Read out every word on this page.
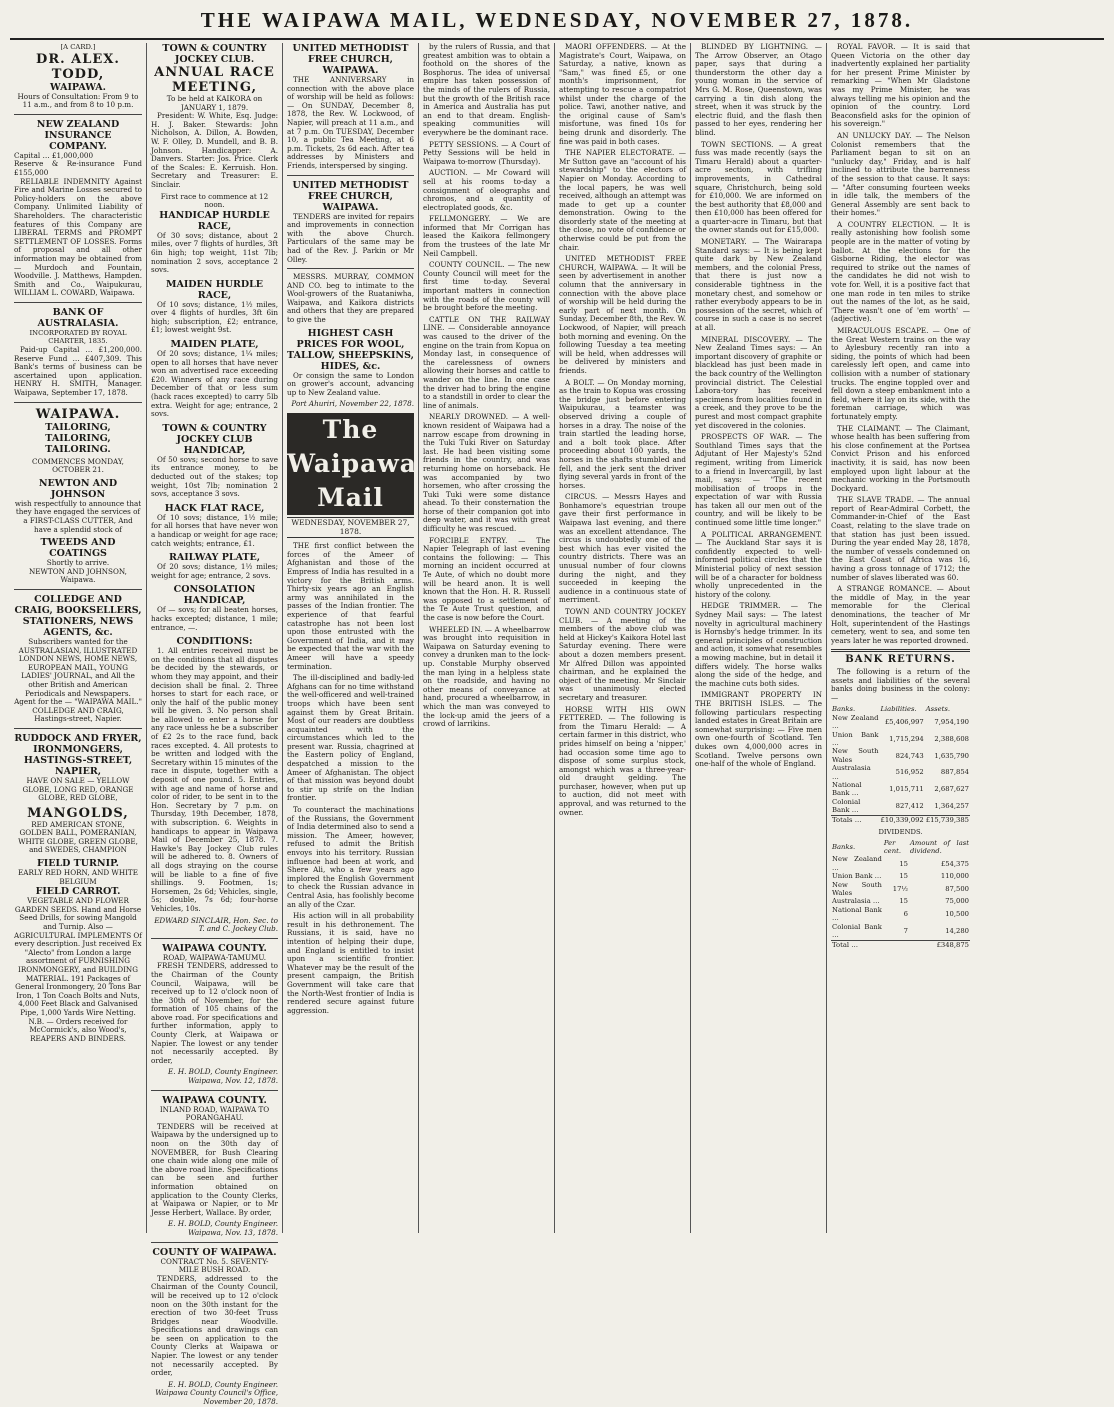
THE WAIPAWA MAIL, WEDNESDAY, NOVEMBER 27, 1878.
[A CARD.]
DR. ALEX. TODD,
WAIPAWA.

Hours of Consultation: From 9 to 11 a.m., and from 8 to 10 p.m.

NEW ZEALAND INSURANCE COMPANY.
Capital … £1,000,000
Reserve & Re-insurance Fund £155,000

RELIABLE INDEMNITY Against Fire and Marine Losses secured to Policy-holders on the above Company. Unlimited Liability of Shareholders. The characteristic features of this Company are LIBERAL TERMS and PROMPT SETTLEMENT OF LOSSES. Forms of proposal and all other information may be obtained from — Murdoch and Fountain, Woodville. J. Matthews, Hampden. Smith and Co., Waipukurau, WILLIAM L. COWARD, Waipawa.

BANK OF AUSTRALASIA.
INCORPORATED BY ROYAL CHARTER, 1835.

Paid-up Capital … £1,200,000. Reserve Fund … £407,309. This Bank's terms of business can be ascertained upon application. HENRY H. SMITH, Manager. Waipawa, September 17, 1878.

WAIPAWA.
TAILORING,
TAILORING,
TAILORING.
COMMENCES MONDAY, OCTOBER 21.
NEWTON AND JOHNSON

wish respectfully to announce that they have engaged the services of a FIRST-CLASS CUTTER, And have a splendid stock of

TWEEDS AND COATINGS
Shortly to arrive.
NEWTON AND JOHNSON, Waipawa.
COLLEDGE AND CRAIG, BOOKSELLERS, STATIONERS, NEWS AGENTS, &c.

Subscribers wanted for the AUSTRALASIAN, ILLUSTRATED LONDON NEWS, HOME NEWS, EUROPEAN MAIL, YOUNG LADIES' JOURNAL, and All the other British and American Periodicals and Newspapers. Agent for the — "WAIPAWA MAIL." COLLEDGE AND CRAIG, Hastings-street, Napier.

RUDDOCK AND FRYER, IRONMONGERS, HASTINGS-STREET, NAPIER,

HAVE ON SALE — YELLOW GLOBE, LONG RED, ORANGE GLOBE, RED GLOBE,

MANGOLDS,

RED AMERICAN STONE, GOLDEN BALL, POMERANIAN, WHITE GLOBE, GREEN GLOBE, and SWEDES, CHAMPION

FIELD TURNIP.
EARLY RED HORN, AND WHITE BELGIUM
FIELD CARROT.

VEGETABLE AND FLOWER GARDEN SEEDS. Hand and Horse Seed Drills, for sowing Mangold and Turnip. Also — AGRICULTURAL IMPLEMENTS Of every description. Just received Ex "Alecto" from London a large assortment of FURNISHING IRONMONGERY, and BUILDING MATERIAL. 191 Packages of General Ironmongery, 20 Tons Bar Iron, 1 Ton Coach Bolts and Nuts, 4,000 Feet Black and Galvanised Pipe, 1,000 Yards Wire Netting. N.B. — Orders received for McCormick's, also Wood's, REAPERS AND BINDERS.

TOWN & COUNTRY JOCKEY CLUB.
ANNUAL RACE MEETING,
To be held at KAIKORA on JANUARY 1, 1879.

President: W. White, Esq. Judge: H. J. Baker. Stewards: John Nicholson, A. Dillon, A. Bowden, W. F. Olley, D. Mundell, and B. B. Johnson. Handicapper: A. Danvers. Starter: Jos. Price. Clerk of the Scales: E. Kerruish. Hon. Secretary and Treasurer: E. Sinclair.

First race to commence at 12 noon.
HANDICAP HURDLE RACE,

Of 30 sovs; distance, about 2 miles, over 7 flights of hurdles, 3ft 6in high; top weight, 11st 7lb; nomination 2 sovs, acceptance 2 sovs.

MAIDEN HURDLE RACE,

Of 10 sovs; distance, 1½ miles, over 4 flights of hurdles, 3ft 6in high; subscription, £2; entrance, £1; lowest weight 9st.

MAIDEN PLATE,

Of 20 sovs; distance, 1¼ miles; open to all horses that have never won an advertised race exceeding £20. Winners of any race during December of that or less sum (hack races excepted) to carry 5lb extra. Weight for age; entrance, 2 sovs.

TOWN & COUNTRY JOCKEY CLUB HANDICAP,

Of 50 sovs; second horse to save its entrance money, to be deducted out of the stakes; top weight, 10st 7lb; nomination 2 sovs, acceptance 3 sovs.

HACK FLAT RACE,

Of 10 sovs; distance, 1½ mile; for all horses that have never won a handicap or weight for age race; catch weights; entrance, £1.

RAILWAY PLATE,

Of 20 sovs; distance, 1½ miles; weight for age; entrance, 2 sovs.

CONSOLATION HANDICAP,

Of — sovs; for all beaten horses, hacks excepted; distance, 1 mile; entrance, —.

CONDITIONS:

1. All entries received must be on the conditions that all disputes be decided by the stewards, or whom they may appoint, and their decision shall be final. 2. Three horses to start for each race, or only the half of the public money will be given. 3. No person shall be allowed to enter a horse for any race unless he be a subscriber of £2 2s to the race fund, back races excepted. 4. All protests to be written and lodged with the Secretary within 15 minutes of the race in dispute, together with a deposit of one pound. 5. Entries, with age and name of horse and color of rider, to be sent in to the Hon. Secretary by 7 p.m. on Thursday, 19th December, 1878, with subscription. 6. Weights in handicaps to appear in Waipawa Mail of December 25, 1878. 7. Hawke's Bay Jockey Club rules will be adhered to. 8. Owners of all dogs straying on the course will be liable to a fine of five shillings. 9. Footmen, 1s; Horsemen, 2s 6d; Vehicles, single, 5s; double, 7s 6d; four-horse Vehicles, 10s.

EDWARD SINCLAIR, Hon. Sec. to T. and C. Jockey Club.
WAIPAWA COUNTY.
ROAD, WAIPAWA-TAMUMU.

FRESH TENDERS, addressed to the Chairman of the County Council, Waipawa, will be received up to 12 o'clock noon of the 30th of November, for the formation of 105 chains of the above road. For specifications and further information, apply to County Clerk, at Waipawa or Napier. The lowest or any tender not necessarily accepted. By order,

E. H. BOLD, County Engineer. Waipawa, Nov. 12, 1878.
WAIPAWA COUNTY.
INLAND ROAD, WAIPAWA TO PORANGAHAU.

TENDERS will be received at Waipawa by the undersigned up to noon on the 30th day of NOVEMBER, for Bush Clearing one chain wide along one mile of the above road line. Specifications can be seen and further information obtained on application to the County Clerks, at Waipawa or Napier, or to Mr Jesse Herbert, Wallace. By order,

E. H. BOLD, County Engineer. Waipawa, Nov. 13, 1878.
COUNTY OF WAIPAWA.
CONTRACT No. 5. SEVENTY-MILE BUSH ROAD.

TENDERS, addressed to the Chairman of the County Council, will be received up to 12 o'clock noon on the 30th instant for the erection of two 30-feet Truss Bridges near Woodville. Specifications and drawings can be seen on application to the County Clerks at Waipawa or Napier. The lowest or any tender not necessarily accepted. By order,

E. H. BOLD, County Engineer. Waipawa County Council's Office, November 20, 1878.
UNITED METHODIST FREE CHURCH, WAIPAWA.

THE ANNIVERSARY in connection with the above place of worship will be held as follows: — On SUNDAY, December 8, 1878, the Rev. W. Lockwood, of Napier, will preach at 11 a.m., and at 7 p.m. On TUESDAY, December 10, a public Tea Meeting, at 6 p.m. Tickets, 2s 6d each. After tea addresses by Ministers and Friends, interspersed by singing.

UNITED METHODIST FREE CHURCH, WAIPAWA.

TENDERS are invited for repairs and improvements in connection with the above Church. Particulars of the same may be had of the Rev. J. Parkin or Mr Olley.

MESSRS. MURRAY, COMMON AND CO. beg to intimate to the Wool-growers of the Ruataniwha, Waipawa, and Kaikora districts and others that they are prepared to give the

HIGHEST CASH PRICES FOR WOOL, TALLOW, SHEEPSKINS, HIDES, &c.

Or consign the same to London on grower's account, advancing up to New Zealand value.

Port Ahuriri, November 22, 1878.
The Waipawa Mail
WEDNESDAY, NOVEMBER 27, 1878.

THE first conflict between the forces of the Ameer of Afghanistan and those of the Empress of India has resulted in a victory for the British arms. Thirty-six years ago an English army was annihilated in the passes of the Indian frontier. The experience of that fearful catastrophe has not been lost upon those entrusted with the Government of India, and it may be expected that the war with the Ameer will have a speedy termination.

The ill-disciplined and badly-led Afghans can for no time withstand the well-officered and well-trained troops which have been sent against them by Great Britain. Most of our readers are doubtless acquainted with the circumstances which led to the present war. Russia, chagrined at the Eastern policy of England, despatched a mission to the Ameer of Afghanistan. The object of that mission was beyond doubt to stir up strife on the Indian frontier.

To counteract the machinations of the Russians, the Government of India determined also to send a mission. The Ameer, however, refused to admit the British envoys into his territory. Russian influence had been at work, and Shere Ali, who a few years ago implored the English Government to check the Russian advance in Central Asia, has foolishly become an ally of the Czar.

His action will in all probability result in his dethronement. The Russians, it is said, have no intention of helping their dupe, and England is entitled to insist upon a scientific frontier. Whatever may be the result of the present campaign, the British Government will take care that the North-West frontier of India is rendered secure against future aggression.

by the rulers of Russia, and that greatest ambition was to obtain a foothold on the shores of the Bosphorus. The idea of universal empire has taken possession of the minds of the rulers of Russia, but the growth of the British race in America and Australia has put an end to that dream. English-speaking communities will everywhere be the dominant race.

PETTY SESSIONS. — A Court of Petty Sessions will be held in Waipawa to-morrow (Thursday).

AUCTION. — Mr Coward will sell at his rooms to-day a consignment of oleographs and chromos, and a quantity of electroplated goods, &c.

FELLMONGERY. — We are informed that Mr Corrigan has leased the Kaikora fellmongery from the trustees of the late Mr Neil Campbell.

COUNTY COUNCIL. — The new County Council will meet for the first time to-day. Several important matters in connection with the roads of the county will be brought before the meeting.

CATTLE ON THE RAILWAY LINE. — Considerable annoyance was caused to the driver of the engine on the train from Kopua on Monday last, in consequence of the carelessness of owners allowing their horses and cattle to wander on the line. In one case the driver had to bring the engine to a standstill in order to clear the line of animals.

NEARLY DROWNED. — A well-known resident of Waipawa had a narrow escape from drowning in the Tuki Tuki River on Saturday last. He had been visiting some friends in the country, and was returning home on horseback. He was accompanied by two horsemen, who after crossing the Tuki Tuki were some distance ahead. To their consternation the horse of their companion got into deep water, and it was with great difficulty he was rescued.

FORCIBLE ENTRY. — The Napier Telegraph of last evening contains the following: — This morning an incident occurred at Te Aute, of which no doubt more will be heard anon. It is well known that the Hon. H. R. Russell was opposed to a settlement of the Te Aute Trust question, and the case is now before the Court.

WHEELED IN. — A wheelbarrow was brought into requisition in Waipawa on Saturday evening to convey a drunken man to the lock-up. Constable Murphy observed the man lying in a helpless state on the roadside, and having no other means of conveyance at hand, procured a wheelbarrow, in which the man was conveyed to the lock-up amid the jeers of a crowd of larrikins.

MAORI OFFENDERS. — At the Magistrate's Court, Waipawa, on Saturday, a native, known as "Sam," was fined £5, or one month's imprisonment, for attempting to rescue a compatriot whilst under the charge of the police. Tawi, another native, and the original cause of Sam's misfortune, was fined 10s for being drunk and disorderly. The fine was paid in both cases.

THE NAPIER ELECTORATE. — Mr Sutton gave an "account of his stewardship" to the electors of Napier on Monday. According to the local papers, he was well received, although an attempt was made to get up a counter demonstration. Owing to the disorderly state of the meeting at the close, no vote of confidence or otherwise could be put from the chair.

UNITED METHODIST FREE CHURCH, WAIPAWA. — It will be seen by advertisement in another column that the anniversary in connection with the above place of worship will be held during the early part of next month. On Sunday, December 8th, the Rev. W. Lockwood, of Napier, will preach both morning and evening. On the following Tuesday a tea meeting will be held, when addresses will be delivered by ministers and friends.

A BOLT. — On Monday morning, as the train to Kopua was crossing the bridge just before entering Waipukurau, a teamster was observed driving a couple of horses in a dray. The noise of the train startled the leading horse, and a bolt took place. After proceeding about 100 yards, the horses in the shafts stumbled and fell, and the jerk sent the driver flying several yards in front of the horses.

CIRCUS. — Messrs Hayes and Bonhamore's equestrian troupe gave their first performance in Waipawa last evening, and there was an excellent attendance. The circus is undoubtedly one of the best which has ever visited the country districts. There was an unusual number of four clowns during the night, and they succeeded in keeping the audience in a continuous state of merriment.

TOWN AND COUNTRY JOCKEY CLUB. — A meeting of the members of the above club was held at Hickey's Kaikora Hotel last Saturday evening. There were about a dozen members present. Mr Alfred Dillon was appointed chairman, and he explained the object of the meeting. Mr Sinclair was unanimously elected secretary and treasurer.

HORSE WITH HIS OWN FETTERED. — The following is from the Timaru Herald: — A certain farmer in this district, who prides himself on being a 'nipper,' had occasion some time ago to dispose of some surplus stock, amongst which was a three-year-old draught gelding. The purchaser, however, when put up to auction, did not meet with approval, and was returned to the owner.

BLINDED BY LIGHTNING. — The Arrow Observer, an Otago paper, says that during a thunderstorm the other day a young woman in the service of Mrs G. M. Rose, Queenstown, was carrying a tin dish along the street, when it was struck by the electric fluid, and the flash then passed to her eyes, rendering her blind.

TOWN SECTIONS. — A great fuss was made recently (says the Timaru Herald) about a quarter-acre section, with trifling improvements, in Cathedral square, Christchurch, being sold for £10,000. We are informed on the best authority that £8,000 and then £10,000 has been offered for a quarter-acre in Timaru, but that the owner stands out for £15,000.

MONETARY. — The Wairarapa Standard says: — It is being kept quite dark by New Zealand members, and the colonial Press, that there is just now a considerable tightness in the monetary chest, and somehow or rather everybody appears to be in possession of the secret, which of course in such a case is no secret at all.

MINERAL DISCOVERY. — The New Zealand Times says: — An important discovery of graphite or blacklead has just been made in the back country of the Wellington provincial district. The Celestial Labora-tory has received specimens from localities found in a creek, and they prove to be the purest and most compact graphite yet discovered in the colonies.

PROSPECTS OF WAR. — The Southland Times says that the Adjutant of Her Majesty's 52nd regiment, writing from Limerick to a friend in Invercargill, by last mail, says: — "The recent mobilisation of troops in the expectation of war with Russia has taken all our men out of the country, and will be likely to be continued some little time longer."

A POLITICAL ARRANGEMENT. — The Auckland Star says it is confidently expected to well-informed political circles that the Ministerial policy of next session will be of a character for boldness wholly unprecedented in the history of the colony.

HEDGE TRIMMER. — The Sydney Mail says: — The latest novelty in agricultural machinery is Hornsby's hedge trimmer. In its general principles of construction and action, it somewhat resembles a mowing machine, but in detail it differs widely. The horse walks along the side of the hedge, and the machine cuts both sides.

IMMIGRANT PROPERTY IN THE BRITISH ISLES. — The following particulars respecting landed estates in Great Britain are somewhat surprising: — Five men own one-fourth of Scotland. Ten dukes own 4,000,000 acres in Scotland. Twelve persons own one-half of the whole of England.

ROYAL FAVOR. — It is said that Queen Victoria on the other day inadvertently explained her partiality for her present Prime Minister by remarking — "When Mr Gladstone was my Prime Minister, he was always telling me his opinion and the opinion of the country. Lord Beaconsfield asks for the opinion of his sovereign."

AN UNLUCKY DAY. — The Nelson Colonist remembers that the Parliament began to sit on an "unlucky day," Friday, and is half inclined to attribute the barrenness of the session to that cause. It says: — "After consuming fourteen weeks in idle talk, the members of the General Assembly are sent back to their homes."

A COUNTRY ELECTION. — It is really astonishing how foolish some people are in the matter of voting by ballot. At the elections for the Gisborne Riding, the elector was required to strike out the names of the candidates he did not wish to vote for. Well, it is a positive fact that one man rode in ten miles to strike out the names of the lot, as he said, 'There wasn't one of 'em worth' — (adjective).

MIRACULOUS ESCAPE. — One of the Great Western trains on the way to Aylesbury recently ran into a siding, the points of which had been carelessly left open, and came into collision with a number of stationary trucks. The engine toppled over and fell down a steep embankment into a field, where it lay on its side, with the foreman carriage, which was fortunately empty.

THE CLAIMANT. — The Claimant, whose health has been suffering from his close confinement at the Portsea Convict Prison and his enforced inactivity, it is said, has now been employed upon light labour at the mechanic working in the Portsmouth Dockyard.

THE SLAVE TRADE. — The annual report of Rear-Admiral Corbett, the Commander-in-Chief of the East Coast, relating to the slave trade on that station has just been issued. During the year ended May 28, 1878, the number of vessels condemned on the East Coast of Africa was 16, having a gross tonnage of 1712; the number of slaves liberated was 60.

A STRANGE ROMANCE. — About the middle of May, in the year memorable for the Clerical denominations, the teacher of Mr Holt, superintendent of the Hastings cemetery, went to sea, and some ten years later he was reported drowned.

BANK RETURNS.

The following is a return of the assets and liabilities of the several banks doing business in the colony: —

Banks.	Liabilities.	Assets.
New Zealand …	£5,406,997	7,954,190
Union Bank …	1,715,294	2,388,608
New South Wales	824,743	1,635,790
Australasia …	516,952	887,854
National Bank …	1,015,711	2,687,627
Colonial Bank …	827,412	1,364,257
Totals …	£10,339,092	£15,739,385
DIVIDENDS.
Banks.	Per cent.	Amount of last dividend.
New Zealand …	15	£54,375
Union Bank …	15	110,000
New South Wales	17½	87,500
Australasia …	15	75,000
National Bank …	6	10,500
Colonial Bank …	7	14,280
Total …		£348,875
